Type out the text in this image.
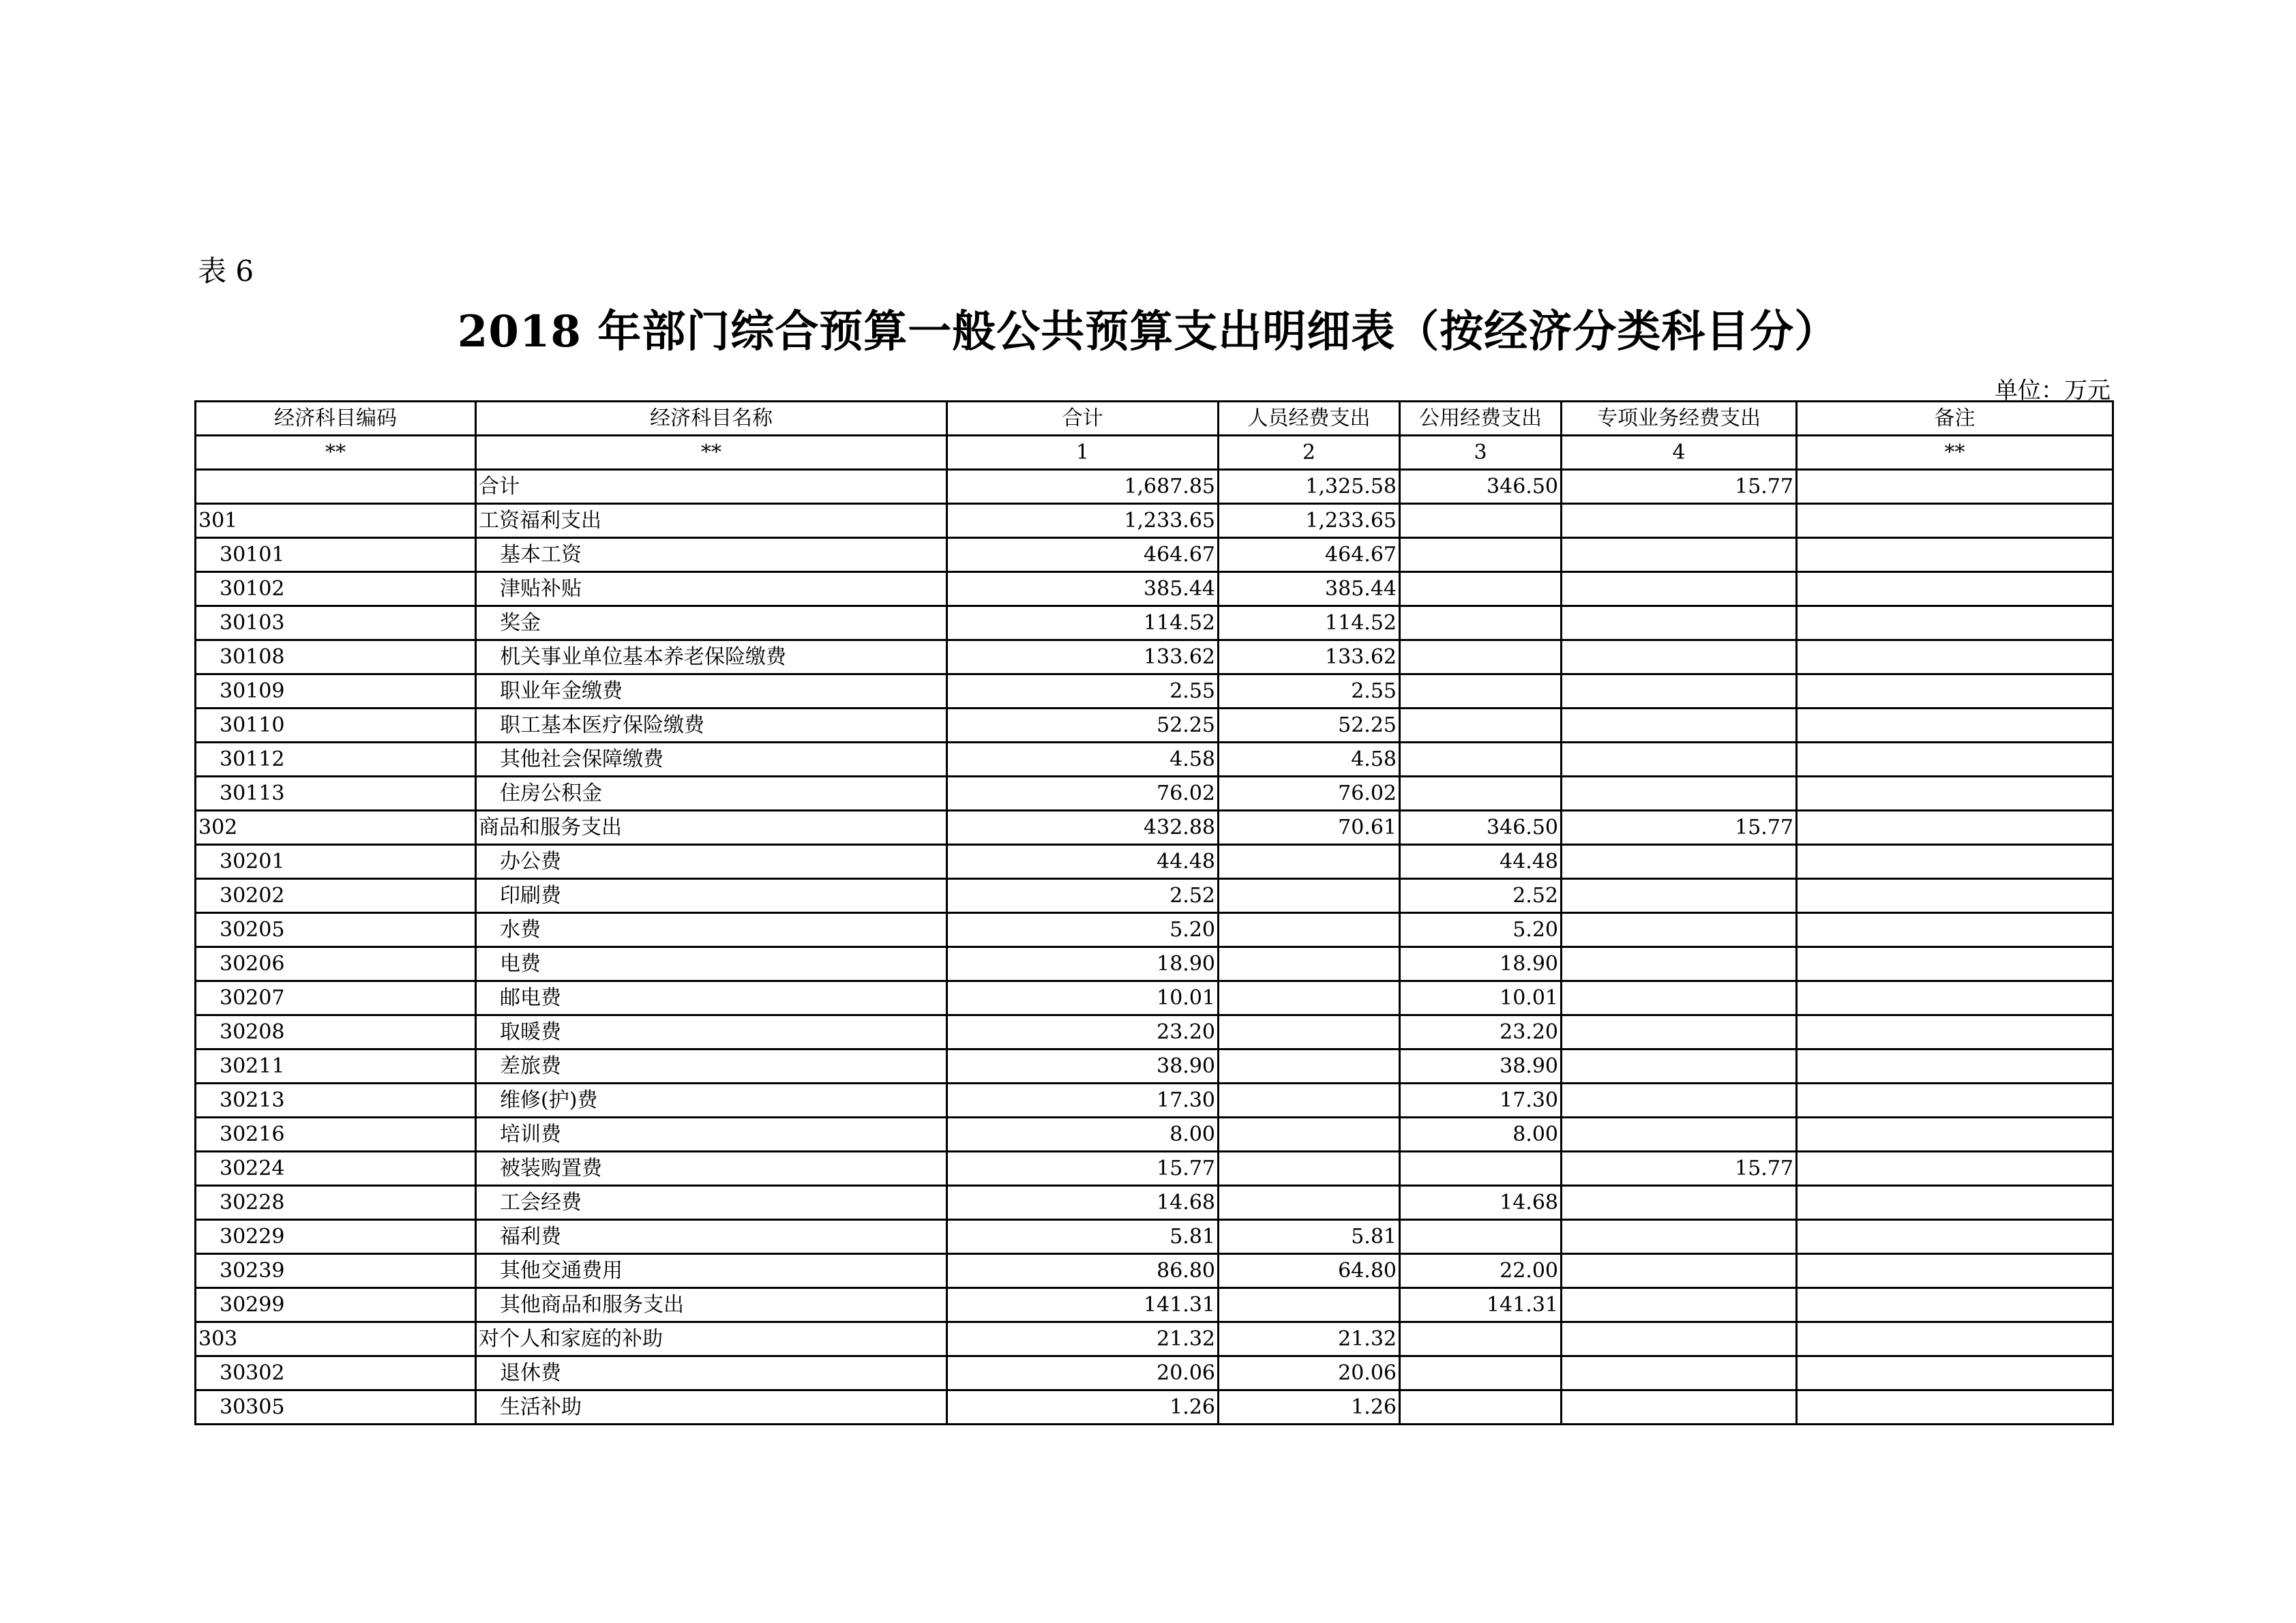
表 6
2018 年部门综合预算一般公共预算支出明细表（按经济分类科目分）
单位：万元
经济科目编码	经济科目名称	合计	人员经费支出	公用经费支出	专项业务经费支出	备注
**	**	1	2	3	4	**
	合计	1,687.85	1,325.58	346.50	15.77	
301	工资福利支出	1,233.65	1,233.65			
30101	基本工资	464.67	464.67			
30102	津贴补贴	385.44	385.44			
30103	奖金	114.52	114.52			
30108	机关事业单位基本养老保险缴费	133.62	133.62			
30109	职业年金缴费	2.55	2.55			
30110	职工基本医疗保险缴费	52.25	52.25			
30112	其他社会保障缴费	4.58	4.58			
30113	住房公积金	76.02	76.02			
302	商品和服务支出	432.88	70.61	346.50	15.77	
30201	办公费	44.48		44.48		
30202	印刷费	2.52		2.52		
30205	水费	5.20		5.20		
30206	电费	18.90		18.90		
30207	邮电费	10.01		10.01		
30208	取暖费	23.20		23.20		
30211	差旅费	38.90		38.90		
30213	维修(护)费	17.30		17.30		
30216	培训费	8.00		8.00		
30224	被装购置费	15.77			15.77	
30228	工会经费	14.68		14.68		
30229	福利费	5.81	5.81			
30239	其他交通费用	86.80	64.80	22.00		
30299	其他商品和服务支出	141.31		141.31		
303	对个人和家庭的补助	21.32	21.32			
30302	退休费	20.06	20.06			
30305	生活补助	1.26	1.26			
